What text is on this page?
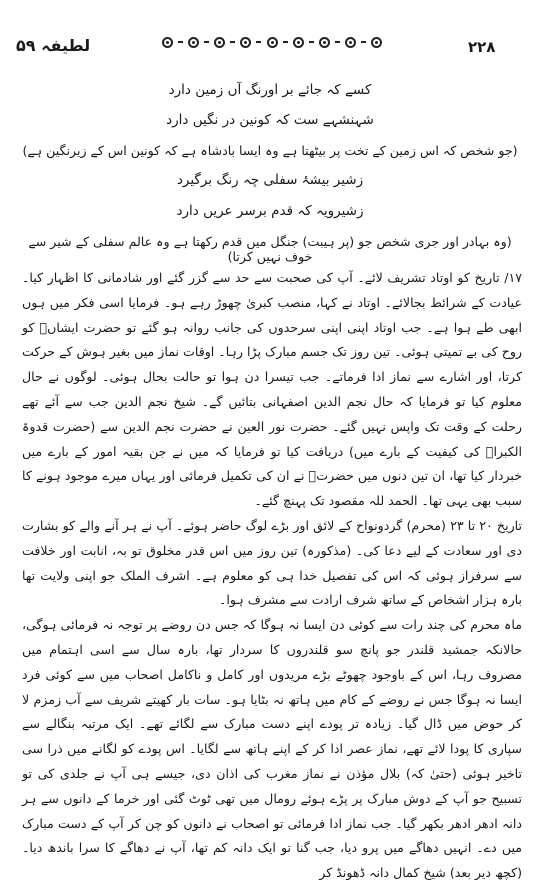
۲۲۸
لطیفہ ۵۹
کسے کہ جائے بر اورنگ آں زمین دارد
شہنشہے ست کہ کونین در نگیں دارد
(جو شخص کہ اس زمین کے تخت پر بیٹھتا ہے وہ ایسا بادشاہ ہے کہ کونین اس کے زیرنگین ہے)
زشیر بیشۂ سفلی چہ رنگ برگیرد
زشیرویہ کہ قدم برسر عریں دارد
(وہ بہادر اور جری شخص جو (پر ہیبت) جنگل میں قدم رکھتا ہے وہ عالم سفلی کے شیر سے خوف نہیں کرتا)

۱۷/ تاریخ کو اوتاد تشریف لائے۔ آپ کی صحبت سے حد سے گزر گئے اور شادمانی کا اظہار کیا۔ عیادت کے شرائط بجالائے۔ اوتاد نے کہا، منصب کبریٰ چھوڑ رہے ہو۔ فرمایا اسی فکر میں ہوں ابھی طے ہوا ہے۔ جب اوتاد اپنی اپنی سرحدوں کی جانب روانہ ہو گئے تو حضرت ایشاںؒ کو روح کی بے تمیتی ہوئی۔ تین روز تک جسم مبارک پڑا رہا۔ اوقات نماز میں بغیر ہوش کے حرکت کرتا، اور اشارے سے نماز ادا فرماتے۔ جب تیسرا دن ہوا تو حالت بحال ہوئی۔ لوگوں نے حال معلوم کیا تو فرمایا کہ حال نجم الدین اصفہانی بتائیں گے۔ شیخ نجم الدین جب سے آئے تھے رحلت کے وقت تک واپس نہیں گئے۔ حضرت نور العین نے حضرت نجم الدین سے (حضرت قدوۃ الکبراؒ کی کیفیت کے بارے میں) دریافت کیا تو فرمایا کہ میں نے جن بقیہ امور کے بارے میں خبردار کیا تھا، ان تین دنوں میں حضرتؒ نے ان کی تکمیل فرمائی اور یہاں میرے موجود ہونے کا سبب بھی یہی تھا۔ الحمد للہ مقصود تک پہنچ گئے۔

تاریخ ۲۰ تا ۲۳ (محرم) گردونواح کے لائق اور بڑے لوگ حاضر ہوئے۔ آپ نے ہر آنے والے کو بشارت دی اور سعادت کے لیے دعا کی۔ (مذکورہ) تین روز میں اس قدر مخلوق تو بہ، انابت اور خلافت سے سرفراز ہوئی کہ اس کی تفصیل خدا ہی کو معلوم ہے۔ اشرف الملک جو اپنی ولایت تھا بارہ ہزار اشخاص کے ساتھ شرف ارادت سے مشرف ہوا۔

ماہ محرم کی چند رات سے کوئی دن ایسا نہ ہوگا کہ جس دن روضے پر توجہ نہ فرمائی ہوگی، حالانکہ جمشید قلندر جو پانچ سو قلندروں کا سردار تھا، بارہ سال سے اسی اہتمام میں مصروف رہا، اس کے باوجود چھوٹے بڑے مریدوں اور کامل و ناکامل اصحاب میں سے کوئی فرد ایسا نہ ہوگا جس نے روضے کے کام میں ہاتھ نہ بٹایا ہو۔ سات بار کھیتے شریف سے آب زمزم لا کر حوض میں ڈال گیا۔ زیادہ تر پودے اپنے دست مبارک سے لگائے تھے۔ ایک مرتبہ بنگالے سے سپاری کا پودا لائے تھے، نماز عصر ادا کر کے اپنے ہاتھ سے لگایا۔ اس پودے کو لگانے میں ذرا سی تاخیر ہوئی (حتیٰ کہ) بلال مؤذن نے نماز مغرب کی اذان دی، جیسے ہی آپ نے جلدی کی تو تسبیح جو آپ کے دوش مبارک پر پڑے ہوئے رومال میں تھی ٹوٹ گئی اور خرما کے دانوں سے ہر دانہ ادھر ادھر بکھر گیا۔ جب نماز ادا فرمائی تو اصحاب نے دانوں کو چن کر آپ کے دست مبارک میں دے۔ انہیں دھاگے میں پرو دیا، جب گنا تو ایک دانہ کم تھا، آپ نے دھاگے کا سرا باندھ دیا۔ (کچھ دیر بعد) شیخ کمال دانہ ڈھونڈ کر
